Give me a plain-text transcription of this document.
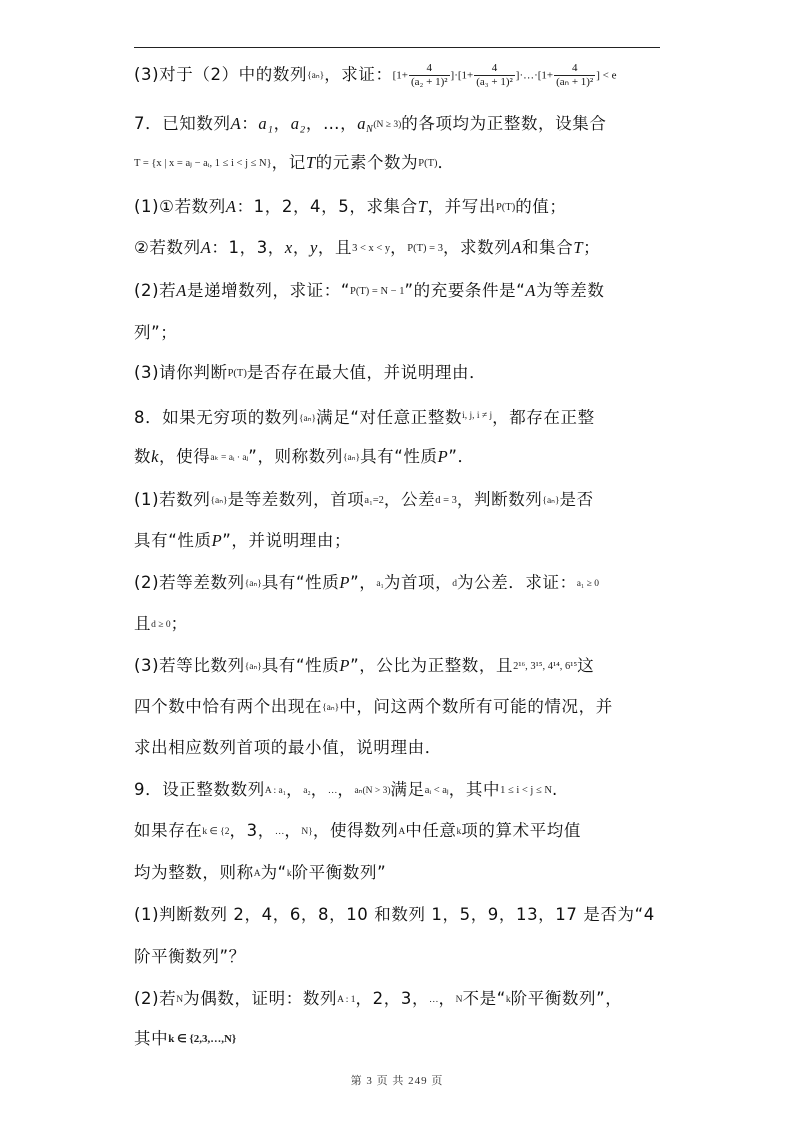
(3)对于（2）中的数列{aₙ}，求证：$[1+ \frac{4}{\text{(a₂ + 1)²}} ]\cdot[1+ \frac{4}{\text{(a₃ + 1)²}}$ ]·…·[1+ $\frac{4}{\text{(aₙ + 1)²}}$ ] < e
7．已知数列A：a₁，a₂，…，aN(N ≥ 3)的各项均为正整数，设集合
T = {x | x = aⱼ − aᵢ, 1 ≤ i < j ≤ N}，记T的元素个数为P(T)．
(1)①若数列A：1，2，4，5，求集合T，并写出P(T)的值；
②若数列A：1，3，x，y，且3 < x < y，P(T) = 3，求数列A和集合T；
(2)若A是递增数列，求证：“P(T) = N − 1”的充要条件是“A为等差数
列”；
(3)请你判断P(T)是否存在最大值，并说明理由．
8．如果无穷项的数列{aₙ}满足“对任意正整数$^{i, j, i \ne j}$，都存在正整
数k，使得aₖ = aᵢ · aⱼ”，则称数列{aₙ}具有“性质P”．
(1)若数列{aₙ}是等差数列，首项a₁=2，公差d = 3，判断数列{aₙ}是否
具有“性质P”，并说明理由；
(2)若等差数列{aₙ}具有“性质P”，a₁为首项，d为公差．求证：a₁ ≥ 0
且d ≥ 0；
(3)若等比数列{aₙ}具有“性质P”，公比为正整数，且2¹⁶, 3¹⁵, 4¹⁴, 6¹⁵这
四个数中恰有两个出现在{aₙ}中，问这两个数所有可能的情况，并
求出相应数列首项的最小值，说明理由．
9．设正整数数列A : a₁，a₂，…，aₙ(N > 3)满足aᵢ < aⱼ，其中1 ≤ i < j ≤ N.
如果存在k ∈ {2，3，…，N}，使得数列A中任意k项的算术平均值
均为整数，则称A为“k阶平衡数列”
(1)判断数列 2，4，6，8，10 和数列 1，5，9，13，17 是否为“4
阶平衡数列”？
(2)若N为偶数，证明：数列A : 1，2，3，…，N不是“k阶平衡数列”，
其中k ∈ {2,3,…,N}
第 3 页 共 249 页
